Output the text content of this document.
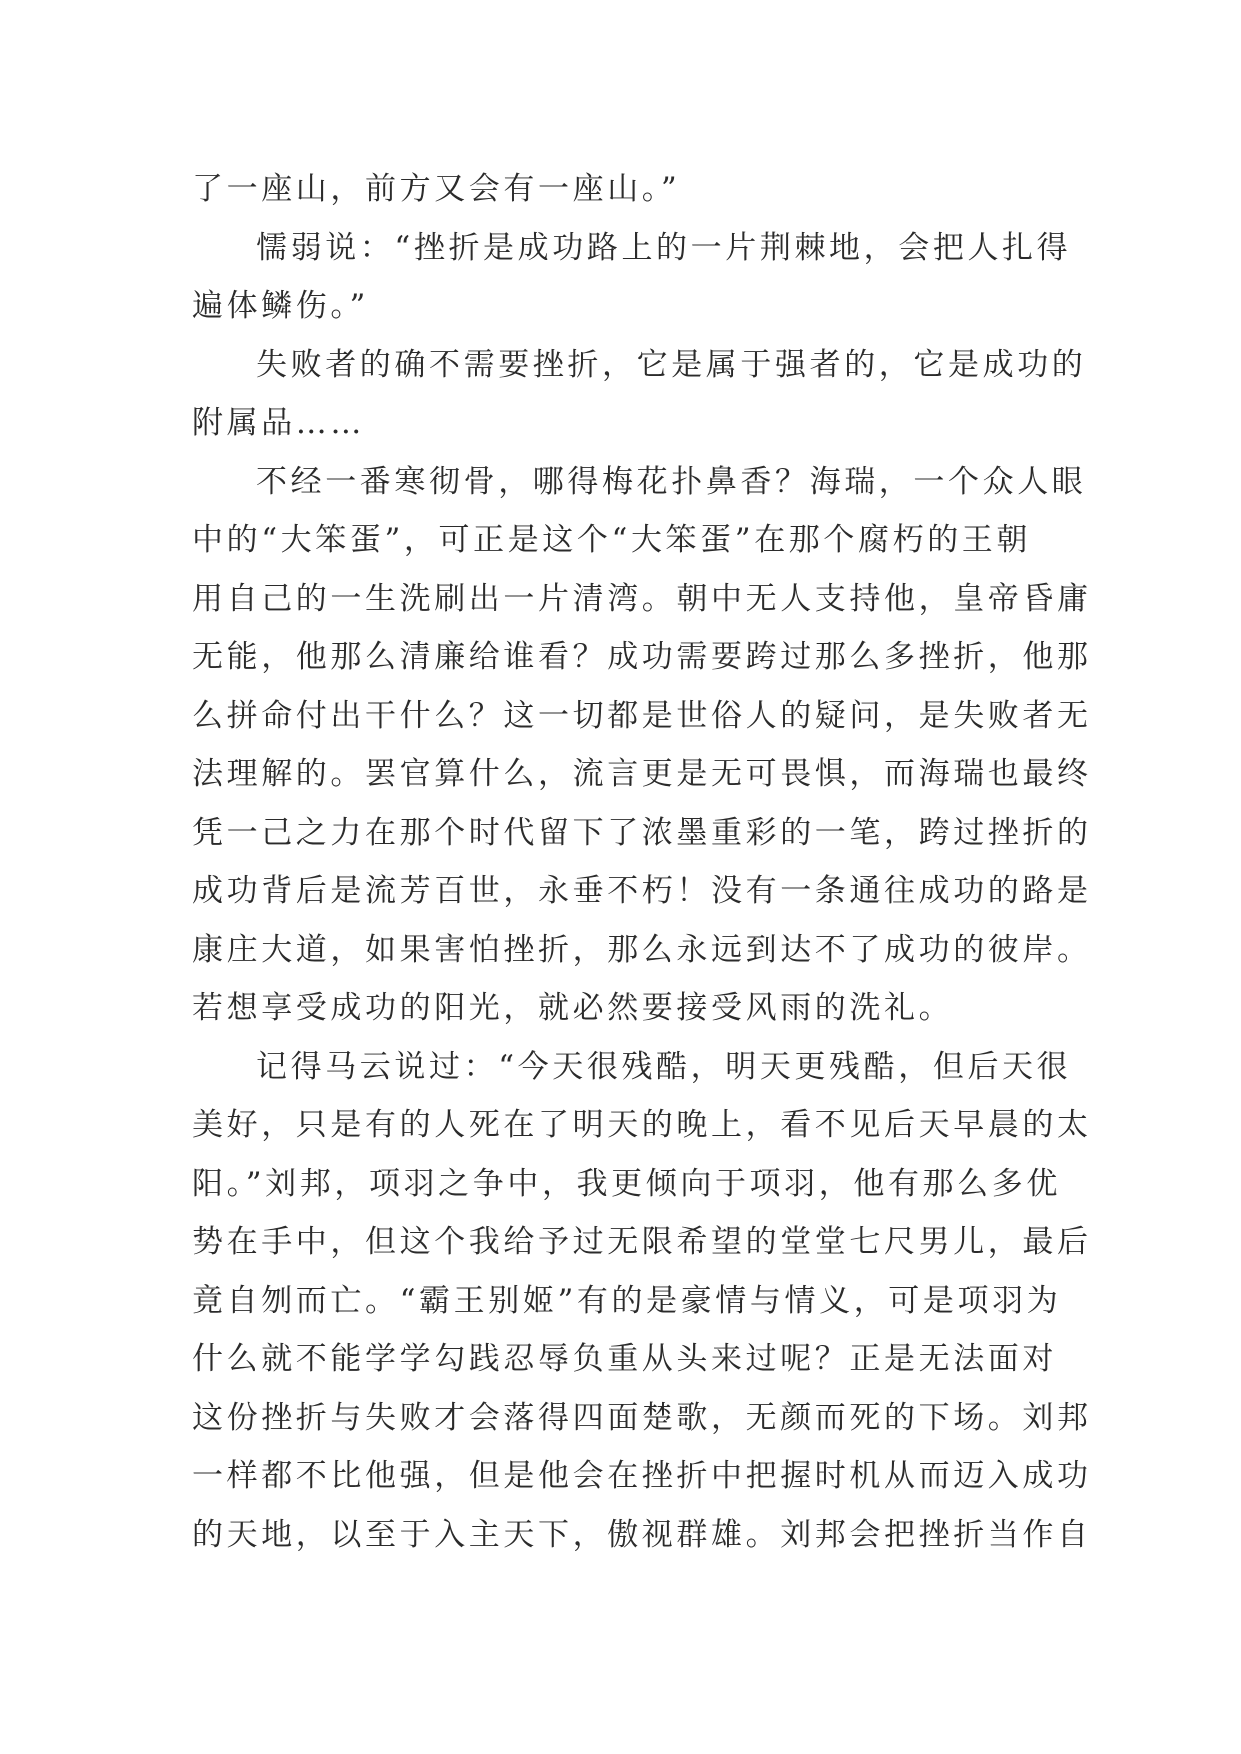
了一座山，前方又会有一座山。”
懦弱说：“挫折是成功路上的一片荆棘地，会把人扎得
遍体鳞伤。”
失败者的确不需要挫折，它是属于强者的，它是成功的
附属品……
不经一番寒彻骨，哪得梅花扑鼻香？海瑞，一个众人眼
中的“大笨蛋”，可正是这个“大笨蛋”在那个腐朽的王朝
用自己的一生洗刷出一片清湾。朝中无人支持他，皇帝昏庸
无能，他那么清廉给谁看？成功需要跨过那么多挫折，他那
么拼命付出干什么？这一切都是世俗人的疑问，是失败者无
法理解的。罢官算什么，流言更是无可畏惧，而海瑞也最终
凭一己之力在那个时代留下了浓墨重彩的一笔，跨过挫折的
成功背后是流芳百世，永垂不朽！没有一条通往成功的路是
康庄大道，如果害怕挫折，那么永远到达不了成功的彼岸。
若想享受成功的阳光，就必然要接受风雨的洗礼。
记得马云说过：“今天很残酷，明天更残酷，但后天很
美好，只是有的人死在了明天的晚上，看不见后天早晨的太
阳。”刘邦，项羽之争中，我更倾向于项羽，他有那么多优
势在手中，但这个我给予过无限希望的堂堂七尺男儿，最后
竟自刎而亡。“霸王别姬”有的是豪情与情义，可是项羽为
什么就不能学学勾践忍辱负重从头来过呢？正是无法面对
这份挫折与失败才会落得四面楚歌，无颜而死的下场。刘邦
一样都不比他强，但是他会在挫折中把握时机从而迈入成功
的天地，以至于入主天下，傲视群雄。刘邦会把挫折当作自
